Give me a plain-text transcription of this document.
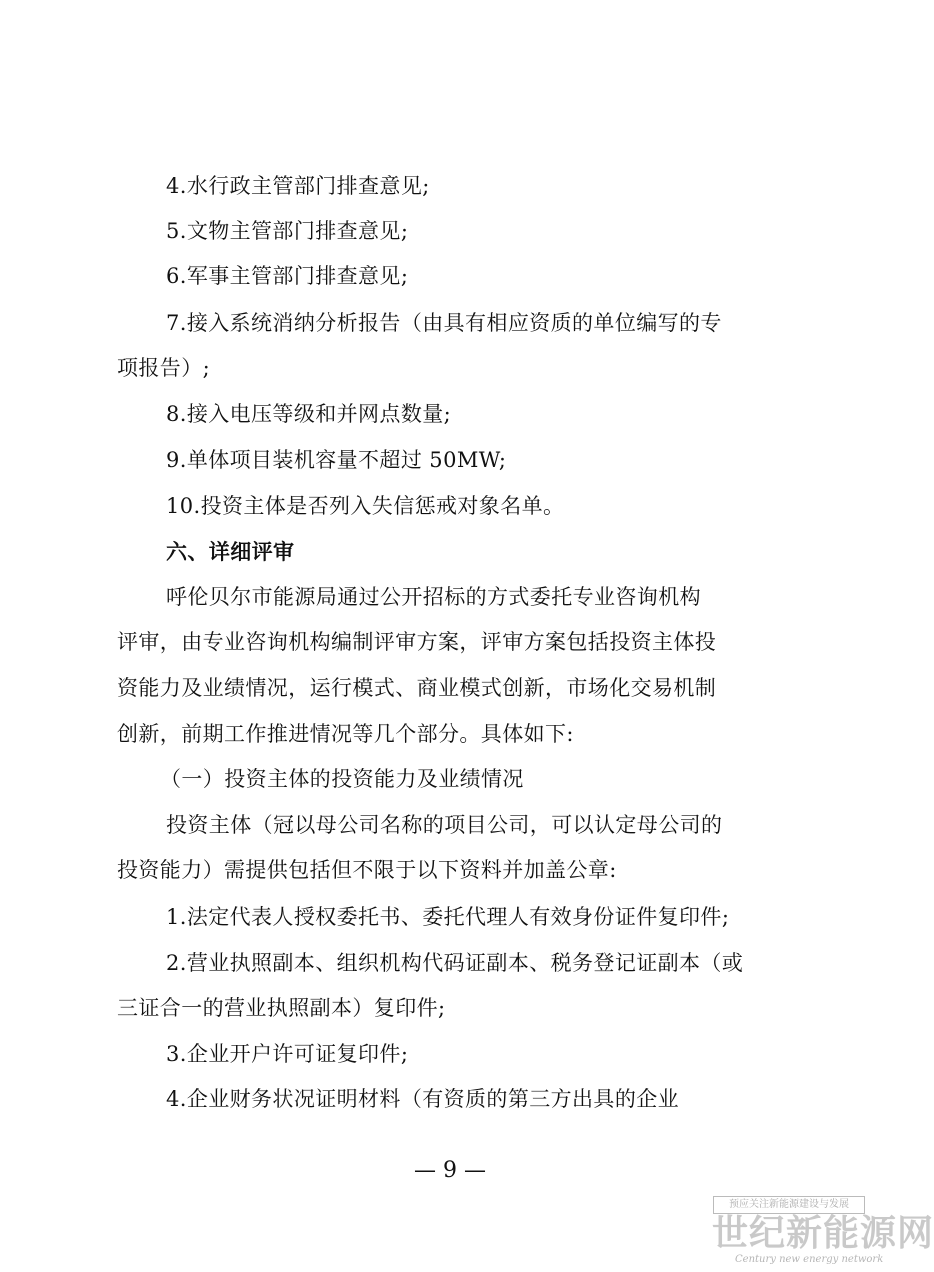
4.水行政主管部门排查意见;
5.文物主管部门排查意见;
6.军事主管部门排查意见;
7.接入系统消纳分析报告（由具有相应资质的单位编写的专
项报告）;
8.接入电压等级和并网点数量;
9.单体项目装机容量不超过 50MW;
10.投资主体是否列入失信惩戒对象名单。
六、详细评审
呼伦贝尔市能源局通过公开招标的方式委托专业咨询机构
评审，由专业咨询机构编制评审方案，评审方案包括投资主体投
资能力及业绩情况，运行模式、商业模式创新，市场化交易机制
创新，前期工作推进情况等几个部分。具体如下:
（一）投资主体的投资能力及业绩情况
投资主体（冠以母公司名称的项目公司，可以认定母公司的
投资能力）需提供包括但不限于以下资料并加盖公章:
1.法定代表人授权委托书、委托代理人有效身份证件复印件;
2.营业执照副本、组织机构代码证副本、税务登记证副本（或
三证合一的营业执照副本）复印件;
3.企业开户许可证复印件;
4.企业财务状况证明材料（有资质的第三方出具的企业
— 9 —
预应关注新能源建设与发展
世纪新能源网
Century new energy network
